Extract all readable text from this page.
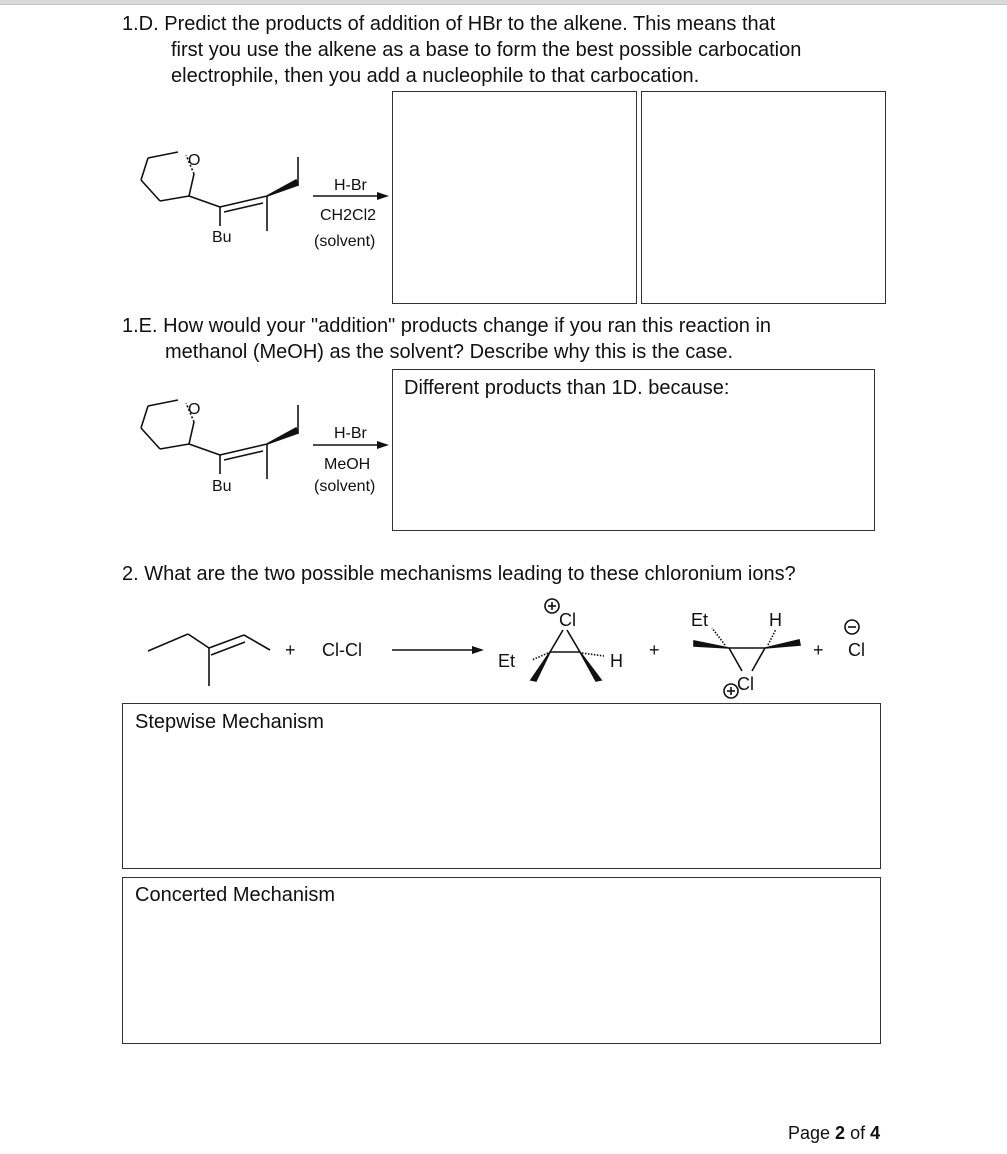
1.D. Predict the products of addition of HBr to the alkene. This means that
first you use the alkene as a base to form the best possible carbocation
electrophile, then you add a nucleophile to that carbocation.
O
Bu
H-Br
CH2Cl2
(solvent)
1.E. How would your "addition" products change if you ran this reaction in
methanol (MeOH) as the solvent? Describe why this is the case.
Different products than 1D. because:
O
Bu
H-Br
MeOH
(solvent)
2. What are the two possible mechanisms leading to these chloronium ions?
+ Cl-Cl
Cl
Et	H
+
Et	H
Cl
+ Cl
Stepwise Mechanism
Concerted Mechanism
Page 2 of 4
